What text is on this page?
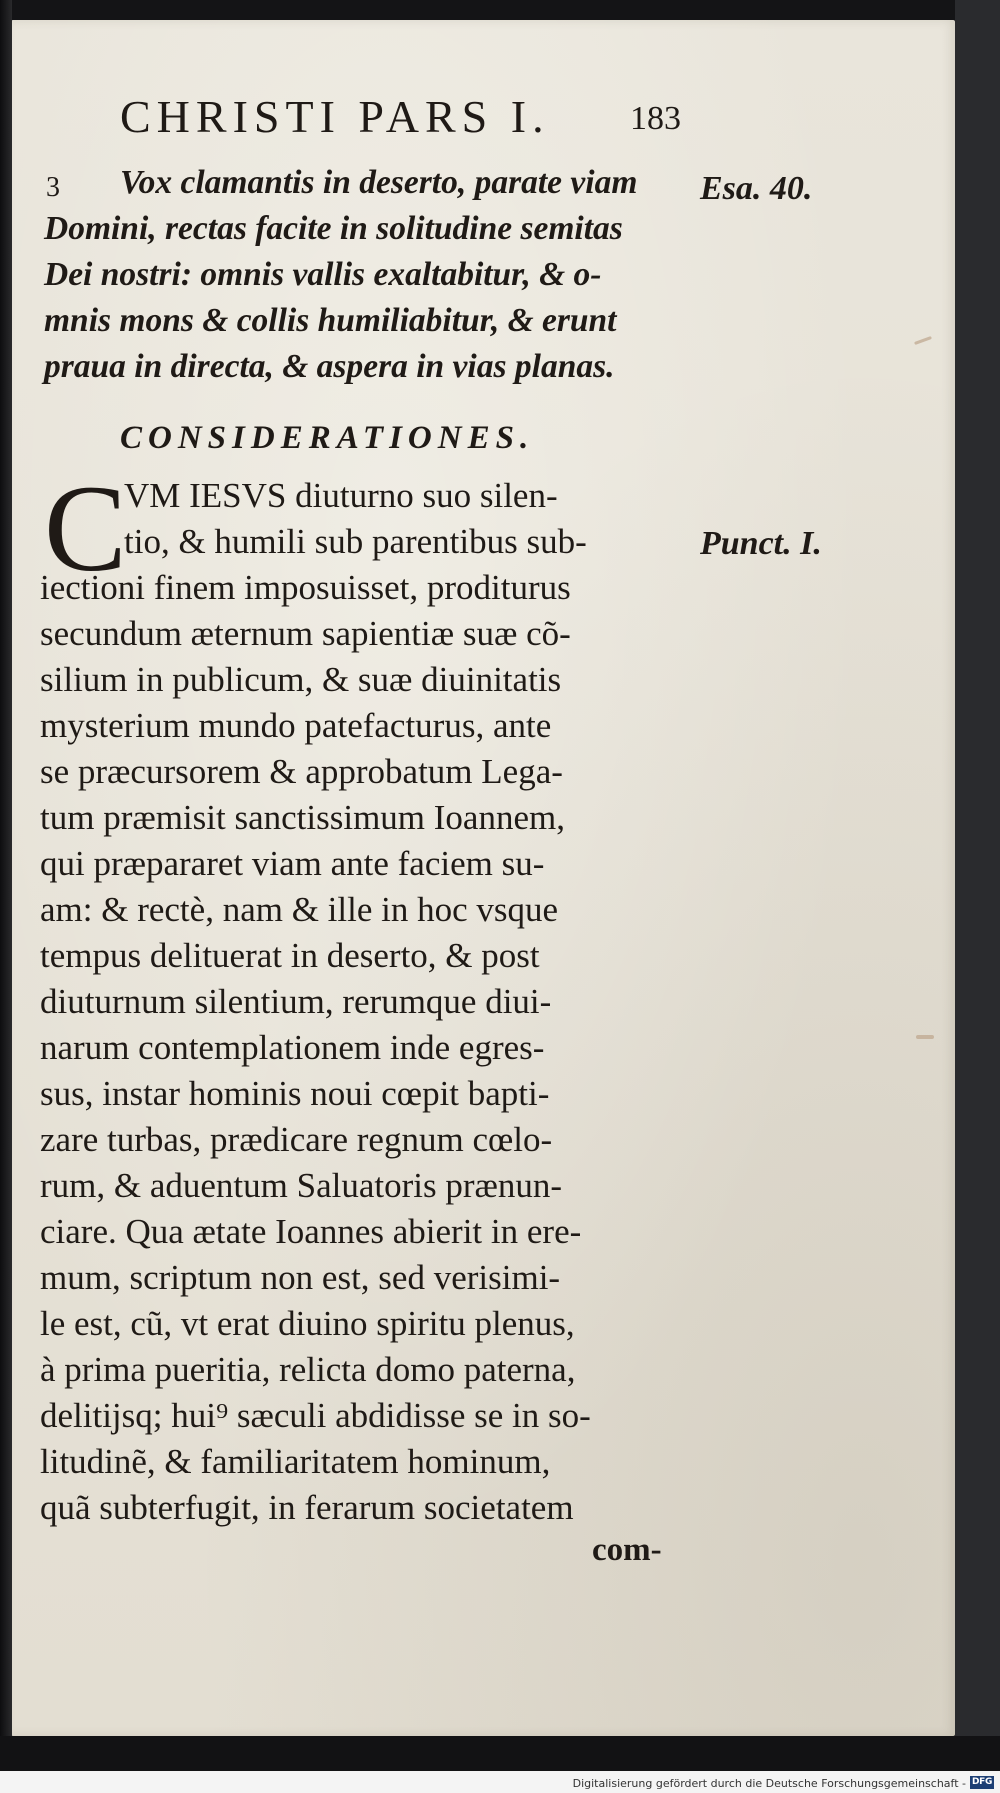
CHRISTI PARS I. 183
3 Vox clamantis in deserto, parate viam
Domini, rectas facite in solitudine semitas
Dei nostri: omnis vallis exaltabitur, & o-
mnis mons & collis humiliabitur, & erunt
praua in directa, & aspera in vias planas.
Esa. 40.
CONSIDERATIONES.
C
VM IESVS diuturno suo silen-
tio, & humili sub parentibus sub-	Punct. I.
iectioni finem imposuisset, proditurus
secundum æternum sapientiæ suæ cõ-
silium in publicum, & suæ diuinitatis
mysterium mundo patefacturus, ante
se præcursorem & approbatum Lega-
tum præmisit sanctissimum Ioannem,
qui præpararet viam ante faciem su-
am: & rectè, nam & ille in hoc vsque
tempus delituerat in deserto, & post
diuturnum silentium, rerumque diui-
narum contemplationem inde egres-
sus, instar hominis noui cœpit bapti-
zare turbas, prædicare regnum cœlo-
rum, & aduentum Saluatoris prænun-
ciare. Qua ætate Ioannes abierit in ere-
mum, scriptum non est, sed verisimi-
le est, cũ, vt erat diuino spiritu plenus,
à prima pueritia, relicta domo paterna,
delitijsq; hui⁹ sæculi abdidisse se in so-
litudinẽ, & familiaritatem hominum,
quã subterfugit, in ferarum societatem
com-
Digitalisierung gefördert durch die Deutsche Forschungsgemeinschaft - DFG
